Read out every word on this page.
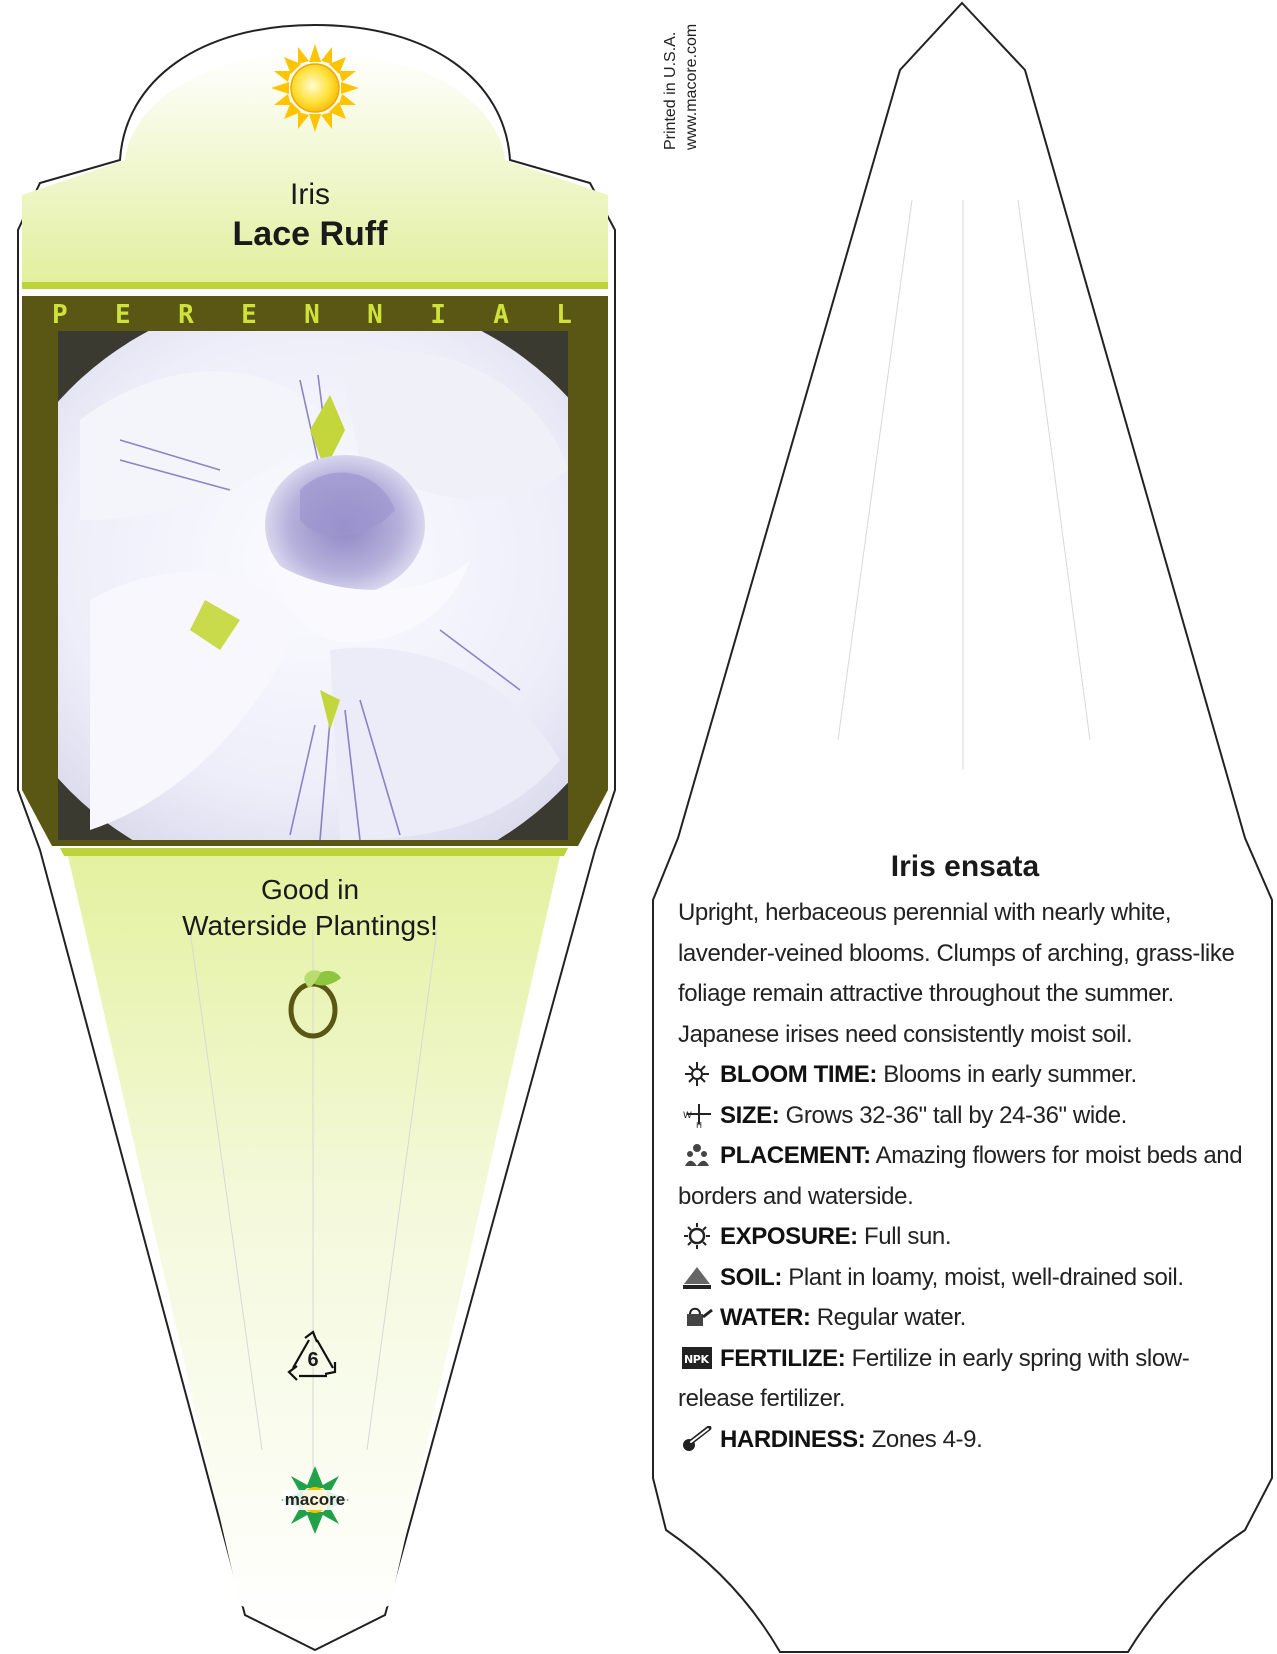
Iris
Lace Ruff
P E R E N N I A L
Good in
Waterside Plantings!
6
macore
Printed in U.S.A. www.macore.com
Iris ensata

Upright, herbaceous perennial with nearly white, lavender-veined blooms. Clumps of arching, grass-like foliage remain attractive throughout the summer. Japanese irises need consistently moist soil.

BLOOM TIME: Blooms in early summer.

W
H SIZE: Grows 32-36" tall by 24-36" wide.

PLACEMENT: Amazing flowers for moist beds and borders and waterside.

EXPOSURE: Full sun.

SOIL: Plant in loamy, moist, well-drained soil.

WATER: Regular water.

NPK FERTILIZE: Fertilize in early spring with slow-release fertilizer.

HARDINESS: Zones 4-9.
